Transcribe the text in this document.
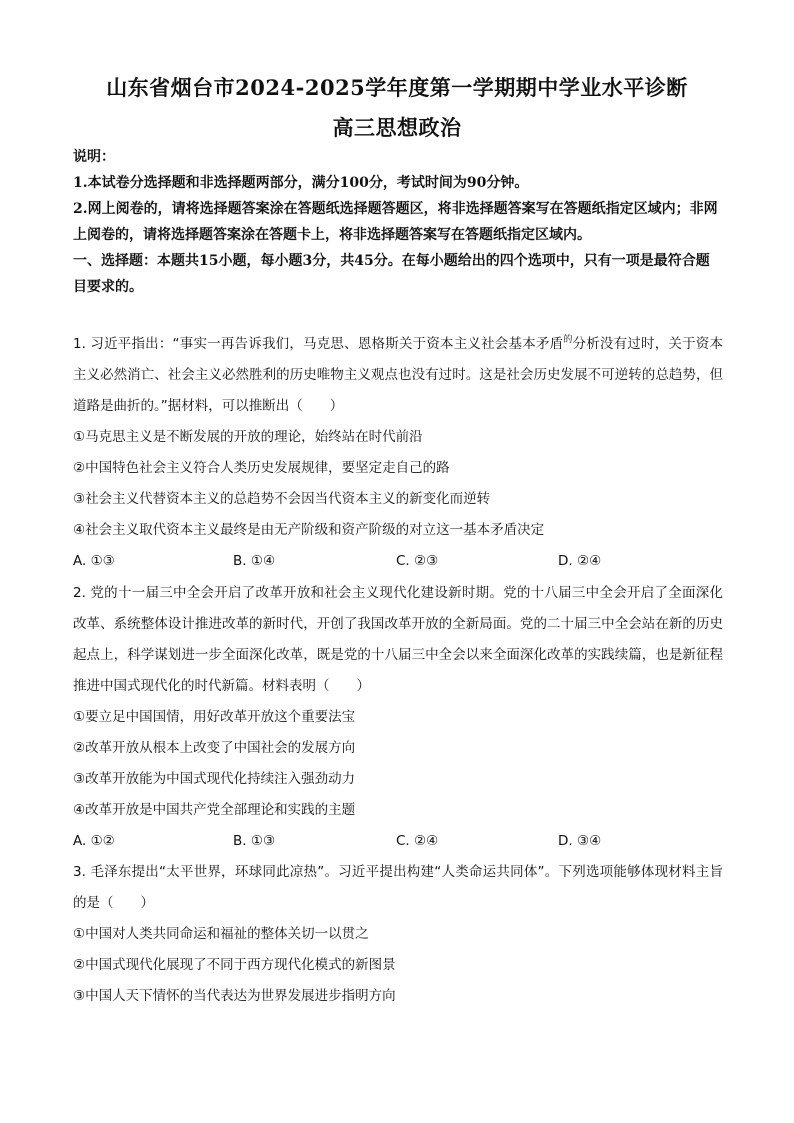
山东省烟台市2024-2025学年度第一学期期中学业水平诊断
高三思想政治

说明：

1.本试卷分选择题和非选择题两部分，满分100分，考试时间为90分钟。

2.网上阅卷的，请将选择题答案涂在答题纸选择题答题区，将非选择题答案写在答题纸指定区域内；非网上阅卷的，请将选择题答案涂在答题卡上，将非选择题答案写在答题纸指定区域内。

一、选择题：本题共15小题，每小题3分，共45分。在每小题给出的四个选项中，只有一项是最符合题目要求的。

1. 习近平指出：“事实一再告诉我们，马克思、恩格斯关于资本主义社会基本矛盾$^的$分析没有过时，关于资本主义必然消亡、社会主义必然胜利的历史唯物主义观点也没有过时。这是社会历史发展不可逆转的总趋势，但道路是曲折的。”据材料，可以推断出（　　）

①马克思主义是不断发展的开放的理论，始终站在时代前沿

②中国特色社会主义符合人类历史发展规律，要坚定走自己的路

③社会主义代替资本主义的总趋势不会因当代资本主义的新变化而逆转

④社会主义取代资本主义最终是由无产阶级和资产阶级的对立这一基本矛盾决定

A. ①③	B. ①④	C. ②③	D. ②④

2. 党的十一届三中全会开启了改革开放和社会主义现代化建设新时期。党的十八届三中全会开启了全面深化改革、系统整体设计推进改革的新时代，开创了我国改革开放的全新局面。党的二十届三中全会站在新的历史起点上，科学谋划进一步全面深化改革，既是党的十八届三中全会以来全面深化改革的实践续篇，也是新征程推进中国式现代化的时代新篇。材料表明（　　）

①要立足中国国情，用好改革开放这个重要法宝

②改革开放从根本上改变了中国社会的发展方向

③改革开放能为中国式现代化持续注入强劲动力

④改革开放是中国共产党全部理论和实践的主题

A. ①②	B. ①③	C. ②④	D. ③④

3. 毛泽东提出“太平世界，环球同此凉热”。习近平提出构建“人类命运共同体”。下列选项能够体现材料主旨的是（　　）

①中国对人类共同命运和福祉的整体关切一以贯之

②中国式现代化展现了不同于西方现代化模式的新图景

③中国人天下情怀的当代表达为世界发展进步指明方向
